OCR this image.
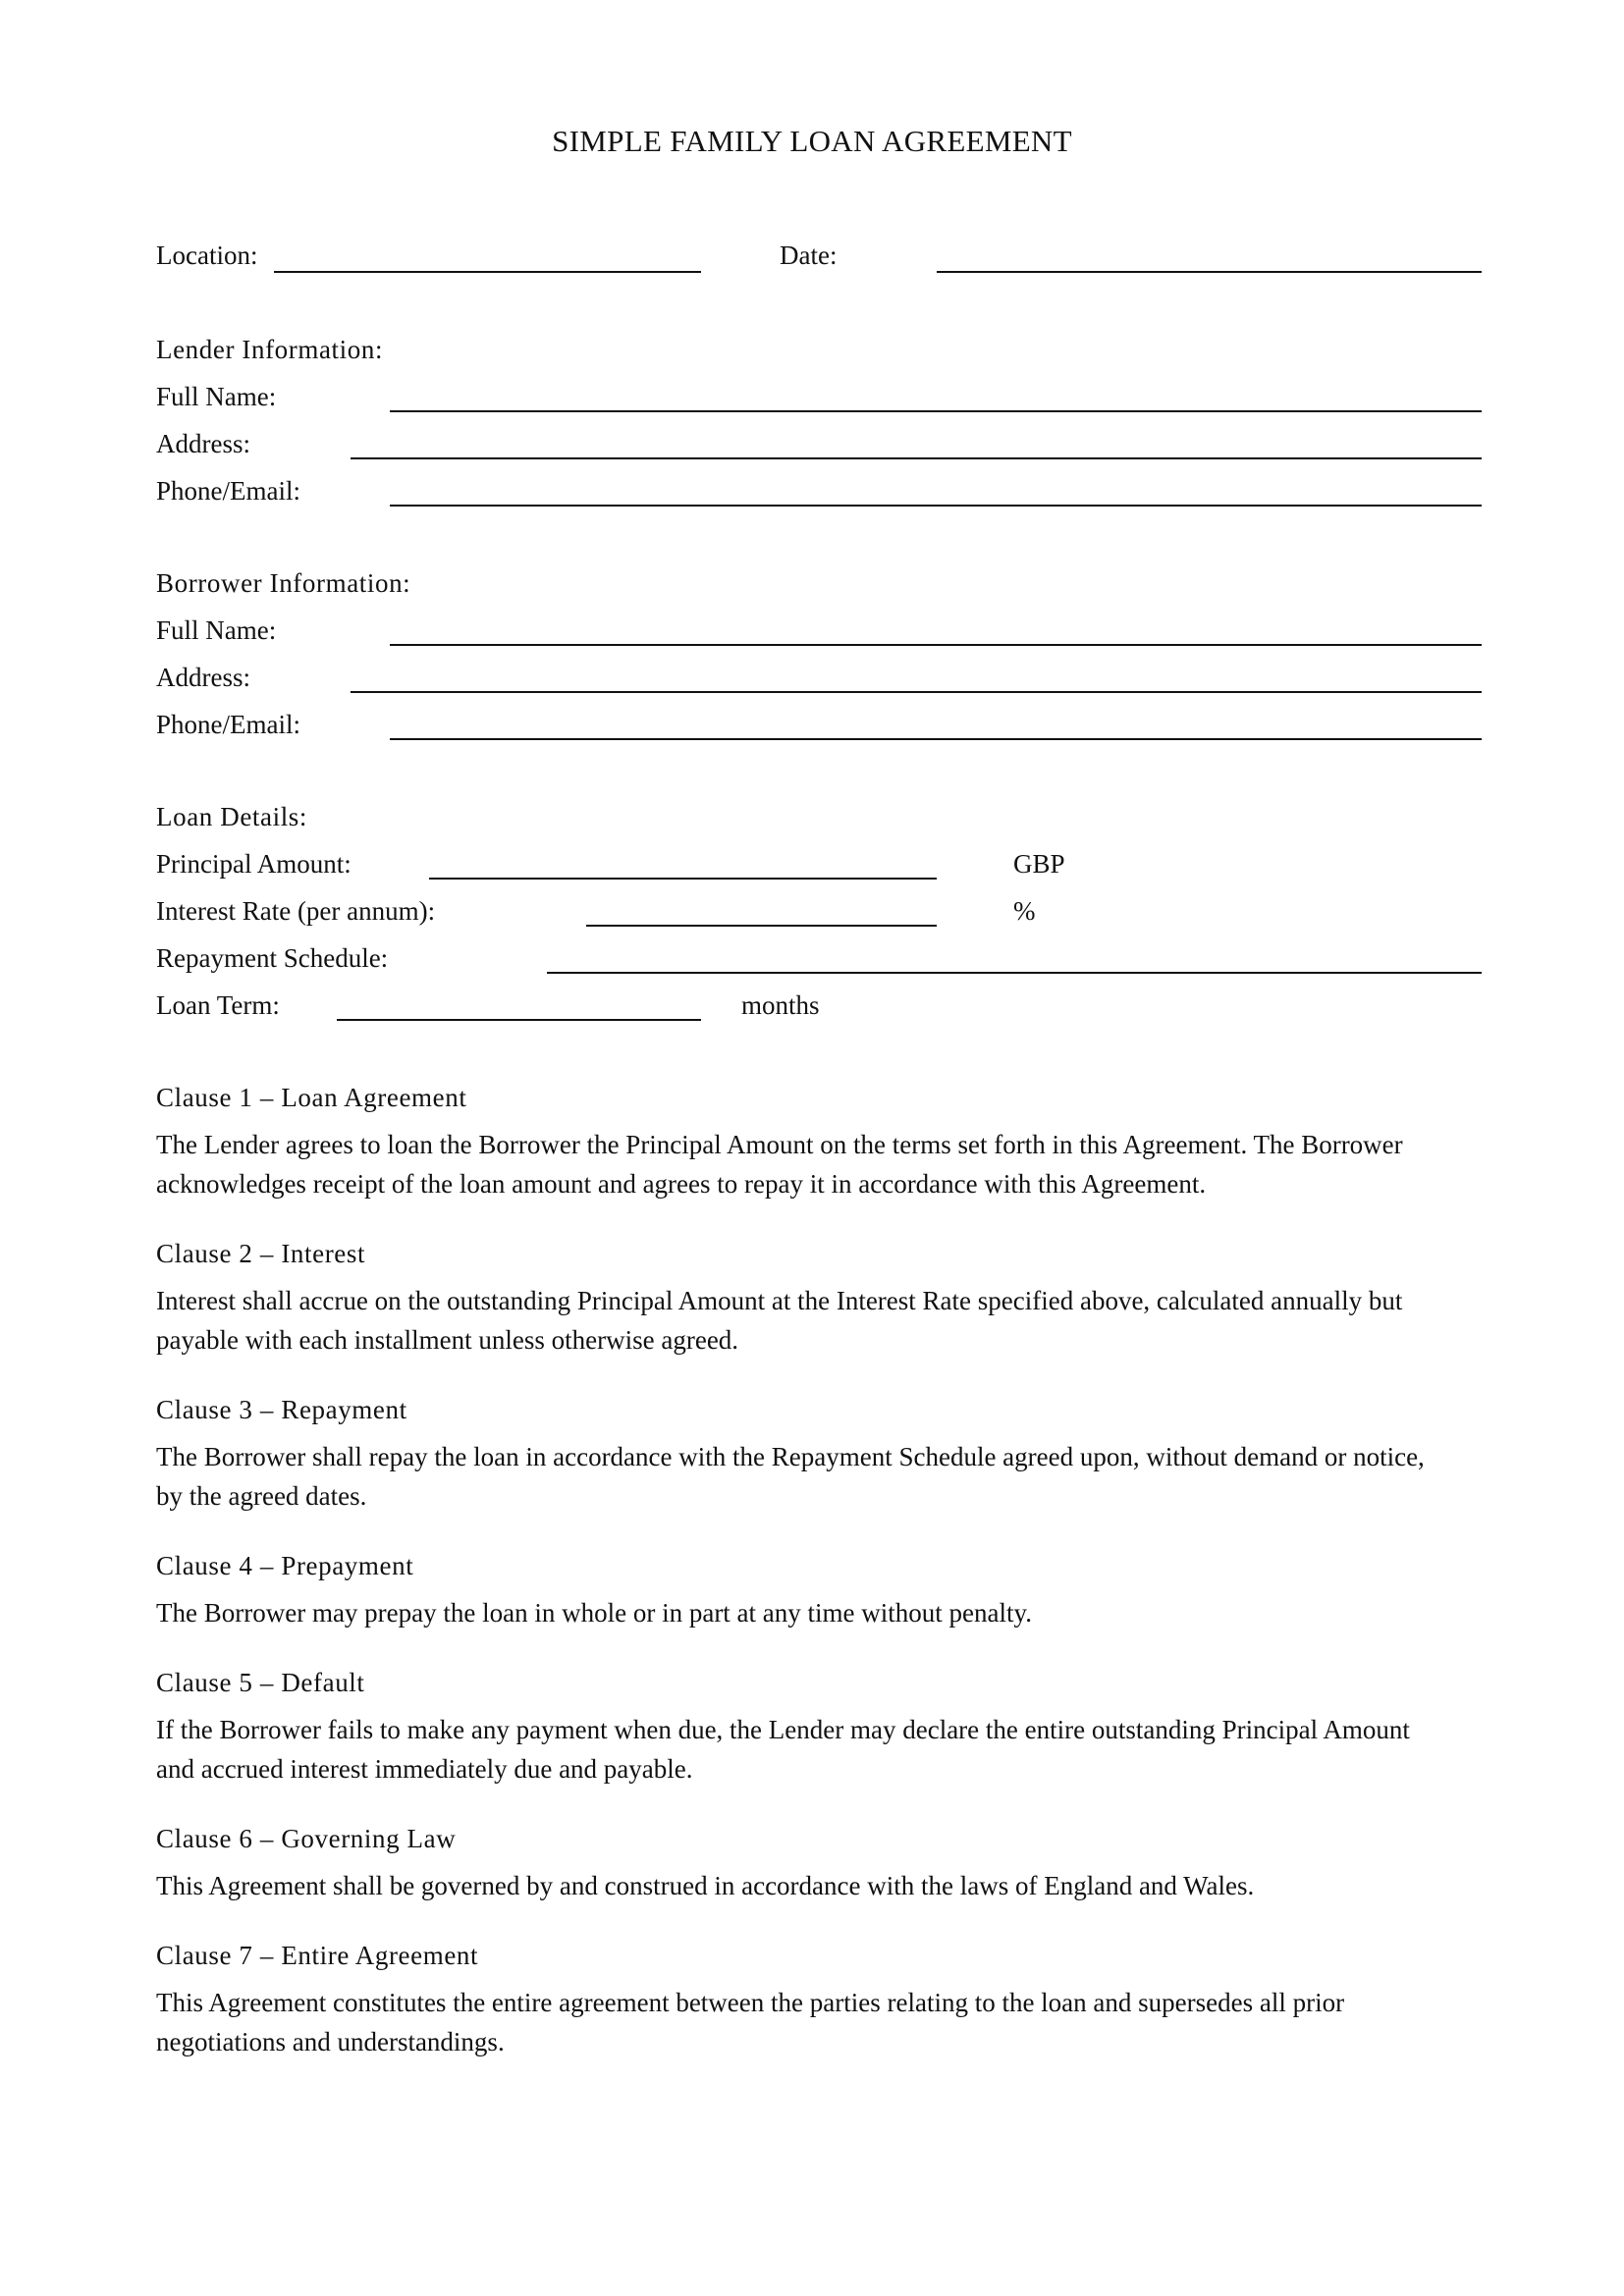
SIMPLE FAMILY LOAN AGREEMENT
Location:	Date:
Lender Information:
Full Name:
Address:
Phone/Email:
Borrower Information:
Full Name:
Address:
Phone/Email:
Loan Details:
Principal Amount:	GBP
Interest Rate (per annum):	%
Repayment Schedule:
Loan Term:	months
Clause 1 – Loan Agreement
The Lender agrees to loan the Borrower the Principal Amount on the terms set forth in this Agreement. The Borrower
acknowledges receipt of the loan amount and agrees to repay it in accordance with this Agreement.
Clause 2 – Interest
Interest shall accrue on the outstanding Principal Amount at the Interest Rate specified above, calculated annually but
payable with each installment unless otherwise agreed.
Clause 3 – Repayment
The Borrower shall repay the loan in accordance with the Repayment Schedule agreed upon, without demand or notice,
by the agreed dates.
Clause 4 – Prepayment
The Borrower may prepay the loan in whole or in part at any time without penalty.
Clause 5 – Default
If the Borrower fails to make any payment when due, the Lender may declare the entire outstanding Principal Amount
and accrued interest immediately due and payable.
Clause 6 – Governing Law
This Agreement shall be governed by and construed in accordance with the laws of England and Wales.
Clause 7 – Entire Agreement
This Agreement constitutes the entire agreement between the parties relating to the loan and supersedes all prior
negotiations and understandings.
